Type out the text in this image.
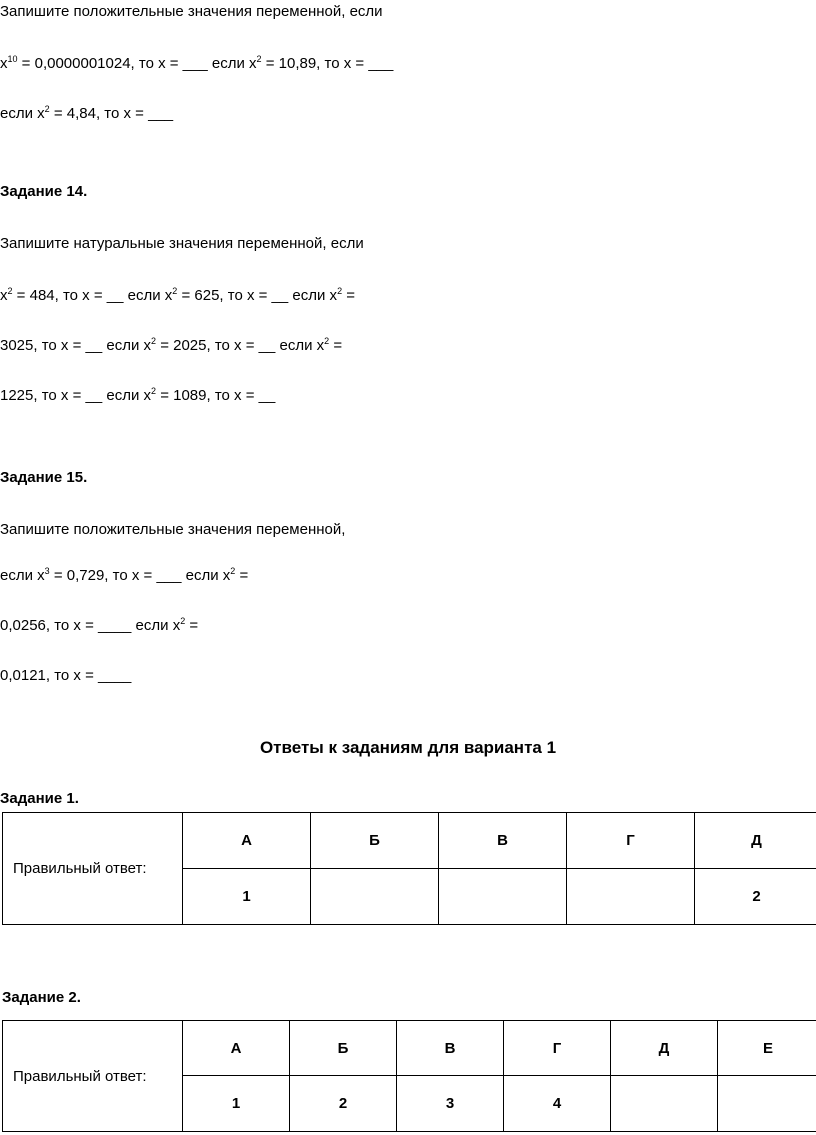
Запишите положительные значения переменной, если
$x^{10} = 0,0000001024$, то x = ___ если $x^2 = 10,89$, то x = ___
если $x^2 = 4,84$, то x = ___
Задание 14.
Запишите натуральные значения переменной, если
$x^2 = 484$, то x = __ если $x^2 = 625$, то x = __ если $x^2$ =
3025, то x = __ если $x^2 = 2025$, то x = __ если $x^2$ =
1225, то x = __ если $x^2 = 1089$, то x = __
Задание 15.
Запишите положительные значения переменной,
если $x^3 = 0,729$, то x = ___ если $x^2$ =
0,0256, то x = ____ если $x^2$ =
0,0121, то x = ____
Ответы к заданиям для варианта 1
Задание 1.
Правильный ответ:	А	Б	В	Г	Д
	1				2
Задание 2.
Правильный ответ:	А	Б	В	Г	Д	Е
	1	2	3	4		
